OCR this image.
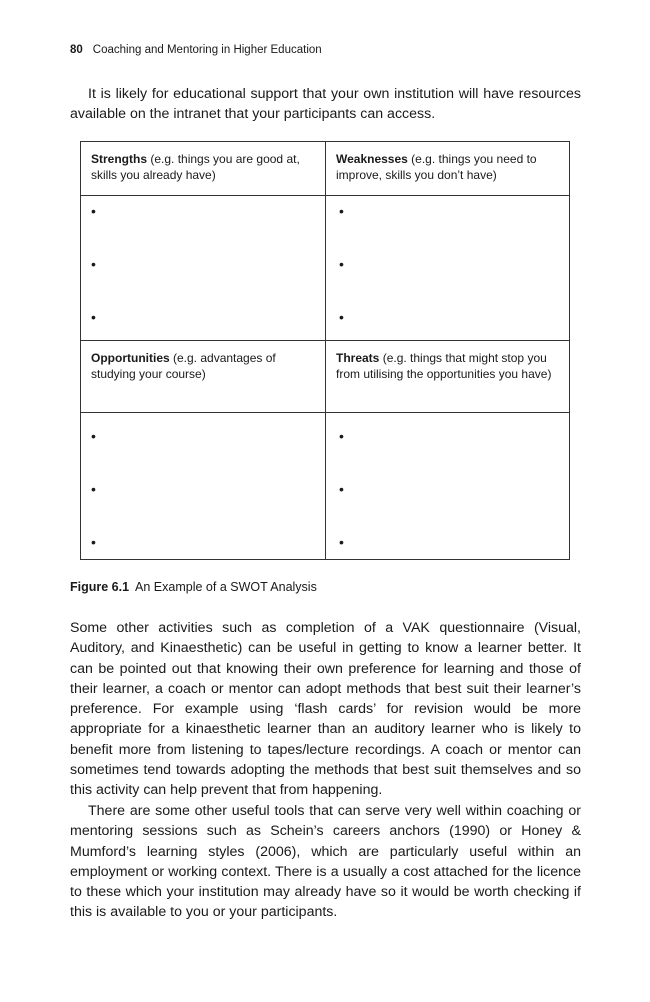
80 Coaching and Mentoring in Higher Education

It is likely for educational support that your own institution will have resources available on the intranet that your participants can access.

Strengths (e.g. things you are good at, skills you already have)
Weaknesses (e.g. things you need to improve, skills you don’t have)
Opportunities (e.g. advantages of studying your course)
Threats (e.g. things that might stop you from utilising the opportunities you have)
•
•
•
•
•
•
•
•
•
•
•
•
Figure 6.1 An Example of a SWOT Analysis

Some other activities such as completion of a VAK questionnaire (Visual, Auditory, and Kinaesthetic) can be useful in getting to know a learner better. It can be pointed out that knowing their own preference for learning and those of their learner, a coach or mentor can adopt methods that best suit their learner’s preference. For example using ‘flash cards’ for revision would be more appropriate for a kinaesthetic learner than an auditory learner who is likely to benefit more from listening to tapes/lecture recordings. A coach or mentor can sometimes tend towards adopting the methods that best suit themselves and so this activity can help prevent that from happening.

There are some other useful tools that can serve very well within coaching or mentoring sessions such as Schein’s careers anchors (1990) or Honey & Mumford’s learning styles (2006), which are particularly useful within an employment or working context. There is a usually a cost attached for the licence to these which your institution may already have so it would be worth checking if this is available to you or your participants.
